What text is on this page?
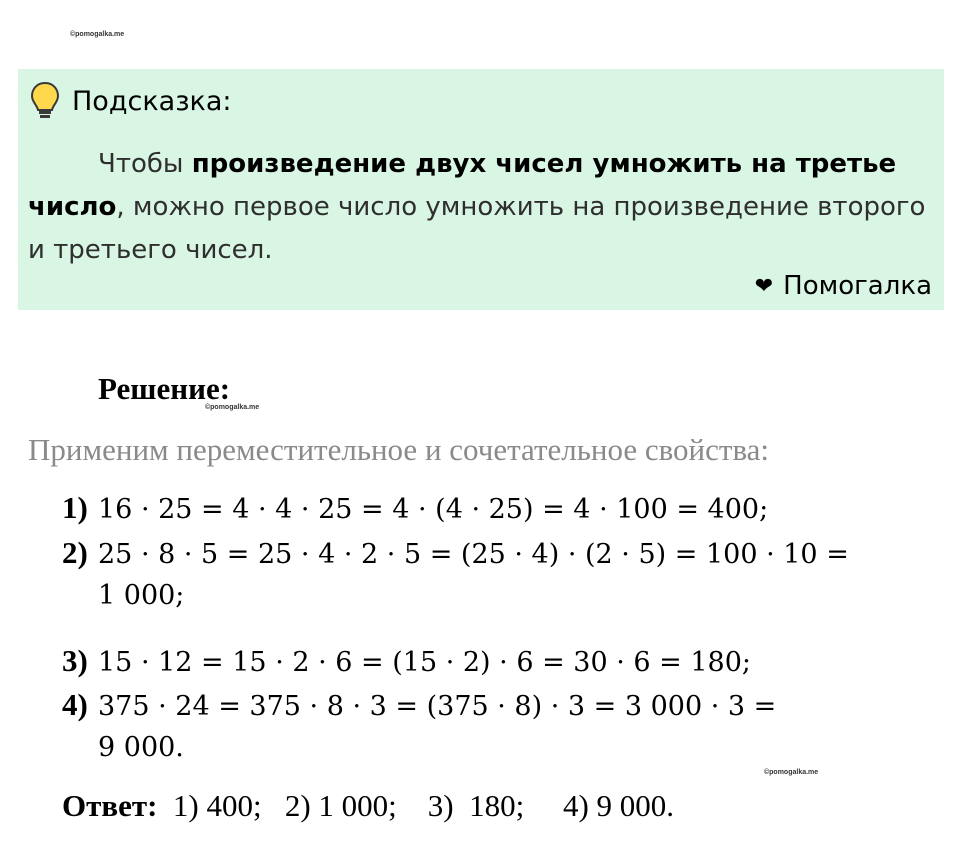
©pomogalka.me
Подсказка:
Чтобы произведение двух чисел умножить на третье число, можно первое число умножить на произведение второго и третьего чисел.
❤ Помогалка
Решение:
©pomogalka.me
Применим переместительное и сочетательное свойства:
1) 16 · 25 = 4 · 4 · 25 = 4 · (4 · 25) = 4 · 100 = 400;
2) 25 · 8 · 5 = 25 · 4 · 2 · 5 = (25 · 4) · (2 · 5) = 100 · 10 =
1 000;
3) 15 · 12 = 15 · 2 · 6 = (15 · 2) · 6 = 30 · 6 = 180;
4) 375 · 24 = 375 · 8 · 3 = (375 · 8) · 3 = 3 000 · 3 =
9 000.
©pomogalka.me
Ответ:  1) 400;   2) 1 000;    3)  180;     4) 9 000.
